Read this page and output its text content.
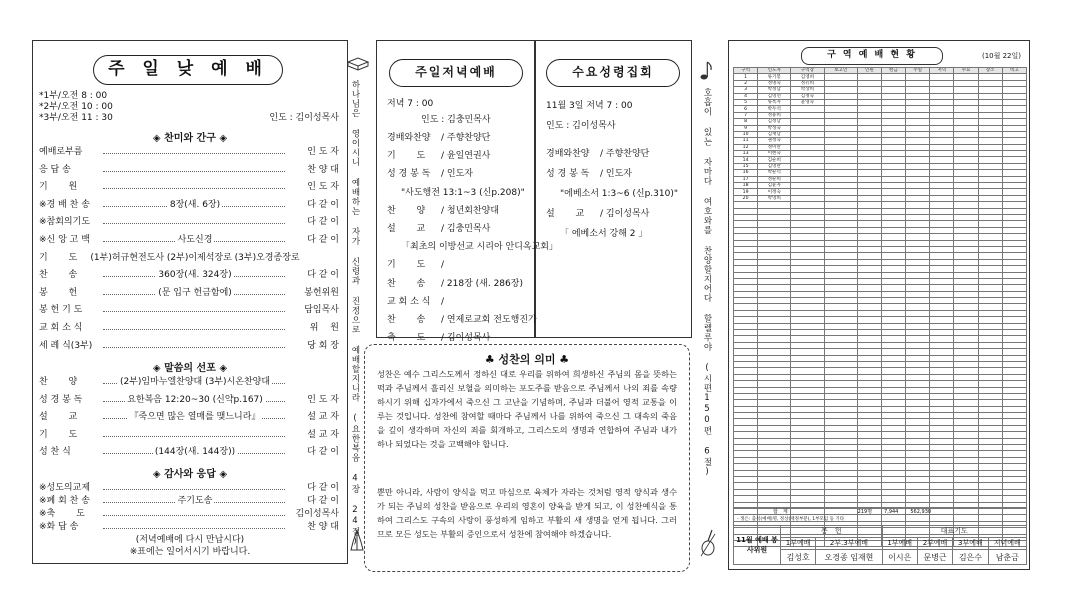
주 일 낮 예 배
*1부/오전 8 : 00
*2부/오전 10 : 00
*3부/오전 11 : 30	인도 : 김이성목사
◈ 찬미와 간구 ◈
예배로부름	인 도 자
응 답 송	찬 양 대
기　　 원	인 도 자
※경 배 찬 송	8장(새. 6장)	다 같 이
※참회의기도	다 같 이
※신 앙 고 백	사도신경	다 같 이
기　　 도	(1부)허규현전도사 (2부)이제석장로 (3부)오경종장로
찬　　 송	360장(새. 324장)	다 같 이
봉　　 헌	(문 입구 헌금함에)	봉헌위원
봉 헌 기 도	담임목사
교 회 소 식	위　 원
세 례 식(3부)	당 회 장
◈ 말씀의 선포 ◈
찬　　 양	(2부)임마누엘찬양대 (3부)시온찬양대
성 경 봉 독	요한복음 12:20~30 (신약p.167)	인 도 자
설　　 교	『죽으면 많은 열매를 맺느니라』	설 교 자
기　　 도	설 교 자
성 찬 식	(144장(새. 144장))	다 같 이
◈ 감사와 응답 ◈
※성도의교제	다 같 이
※폐 회 찬 송	주기도송	다 같 이
※축　　 도	김이성목사
※화 답 송	찬 양 대
(저녁예배에 다시 만납시다)
※표에는 일어서시기 바랍니다.
하나님은 영이시니 예배하는 자가 신령과 진정으로 예배할지니라 (요한복음 4장 24절)
주일저녁예배
저녁 7 : 00
인도 : 김충민목사
경배와찬양 / 주향찬양단
기　　 도 / 윤일연권사
성 경 봉 독 / 인도자
"사도행전 13:1~3 (신p.208)"
찬　　 양 / 청년회찬양대
설　　 교 / 김충민목사
「최초의 이방선교 시리아 안디옥교회」
기　　 도 /
찬　　 송 / 218장 (새. 286장)
교 회 소 식 /
찬　　 송 / 연제로교회 전도행진가
축　　 도 / 김이성목사
수요성령집회
11월 3일 저녁 7 : 00
인도 : 김이성목사
경배와찬양 / 주향찬양단
성 경 봉 독 / 인도자
"에베소서 1:3~6 (신p.310)"
설　　 교 / 김이성목사
「 에베소서 강해 2 」
♣ 성찬의 의미 ♣
성찬은 예수 그리스도께서 정하신 대로 우리를 위하여 희생하신 주님의 몸을 뜻하는 떡과 주님께서 흘리신 보혈을 의미하는 포도주를 받음으로 주님께서 나의 죄를 속량하시기 위해 십자가에서 죽으신 그 고난을 기념하며, 주님과 더불어 영적 교통을 이루는 것입니다. 성찬에 참여할 때마다 주님께서 나를 위하여 죽으신 그 대속의 죽음을 깊이 생각하며 자신의 죄를 회개하고, 그리스도의 생명과 연합하여 주님과 내가 하나 되었다는 것을 고백해야 합니다.
뿐만 아니라, 사람이 양식을 먹고 마심으로 육체가 자라는 것처럼 영적 양식과 생수가 되는 주님의 성찬을 받음으로 우리의 영혼이 양육을 받게 되고, 이 성찬예식을 통하여 그리스도 구속의 사랑이 풍성하게 임하고 부활의 새 생명을 얻게 됩니다. 그러므로 모든 성도는 부활의 증인으로서 성찬에 참여해야 하겠습니다.
호흡이 있는 자마다 여호와를 찬양할지어다 할렐루야 (시편150편 6절)
구 역 예 배 현 황	(10월 22일)
구역	인도자	구역장	보고인	인원	헌금	주일	저녁	수요	장소	비고
1	류기봉	김영희								
2	정명숙	정유희								
3	박정남	박상희								
4	김영선	김정숙								
5	류옥자	윤영숙								
6	박두석									
7	정용희									
8	김정남									
9	박성숙									
10	김재남									
11	권정숙									
12	정미란									
13	이현숙									
14	김순희									
15	김영란									
16	박순덕									
17	정순희									
18	김윤자									
19	이정숙									
20	박영희									

합　계	219명 7,944 562,930
- 생은: 출석(예배)명, 정상(재정부분), 1부모임 등 기타
11월 예배 봉사위원	봉　헌		대표기도			
	1부예배	2부.3부예배	1부예배	2부예배	3부예배	저녁예배
	김성호	오경종 임재현	이시은	문병근	김은수	남춘금
